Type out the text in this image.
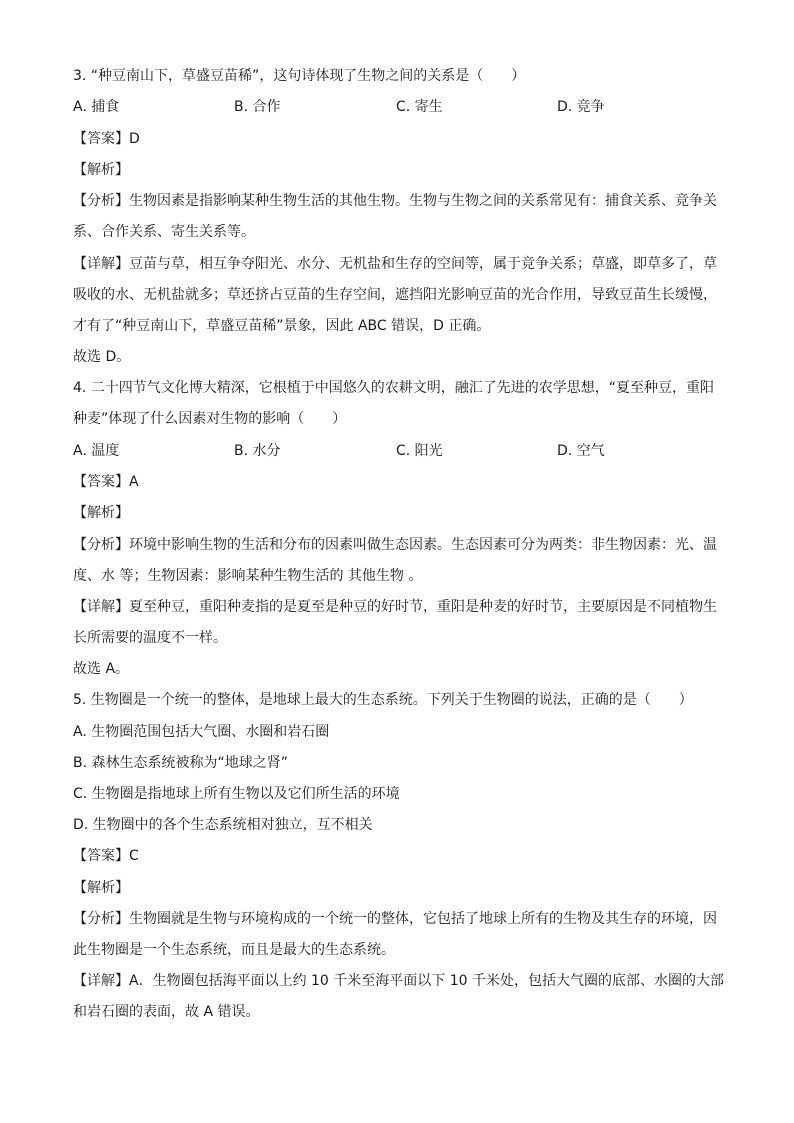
3. “种豆南山下，草盛豆苗稀”，这句诗体现了生物之间的关系是（　　）
A. 捕食	B. 合作	C. 寄生	D. 竞争
【答案】D
【解析】
【分析】生物因素是指影响某种生物生活的其他生物。生物与生物之间的关系常见有：捕食关系、竞争关
系、合作关系、寄生关系等。
【详解】豆苗与草，相互争夺阳光、水分、无机盐和生存的空间等，属于竞争关系；草盛，即草多了，草
吸收的水、无机盐就多；草还挤占豆苗的生存空间，遮挡阳光影响豆苗的光合作用，导致豆苗生长缓慢，
才有了“种豆南山下，草盛豆苗稀”景象，因此 ABC 错误，D 正确。
故选 D。
4. 二十四节气文化博大精深，它根植于中国悠久的农耕文明，融汇了先进的农学思想，“夏至种豆，重阳
种麦”体现了什么因素对生物的影响（　　）
A. 温度	B. 水分	C. 阳光	D. 空气
【答案】A
【解析】
【分析】环境中影响生物的生活和分布的因素叫做生态因素。生态因素可分为两类：非生物因素：光、温
度、水 等；生物因素：影响某种生物生活的 其他生物 。
【详解】夏至种豆，重阳种麦指的是夏至是种豆的好时节，重阳是种麦的好时节，主要原因是不同植物生
长所需要的温度不一样。
故选 A。
5. 生物圈是一个统一的整体，是地球上最大的生态系统。下列关于生物圈的说法，正确的是（　　）
A. 生物圈范围包括大气圈、水圈和岩石圈
B. 森林生态系统被称为“地球之肾”
C. 生物圈是指地球上所有生物以及它们所生活的环境
D. 生物圈中的各个生态系统相对独立，互不相关
【答案】C
【解析】
【分析】生物圈就是生物与环境构成的一个统一的整体，它包括了地球上所有的生物及其生存的环境，因
此生物圈是一个生态系统，而且是最大的生态系统。
【详解】A．生物圈包括海平面以上约 10 千米至海平面以下 10 千米处，包括大气圈的底部、水圈的大部
和岩石圈的表面，故 A 错误。
